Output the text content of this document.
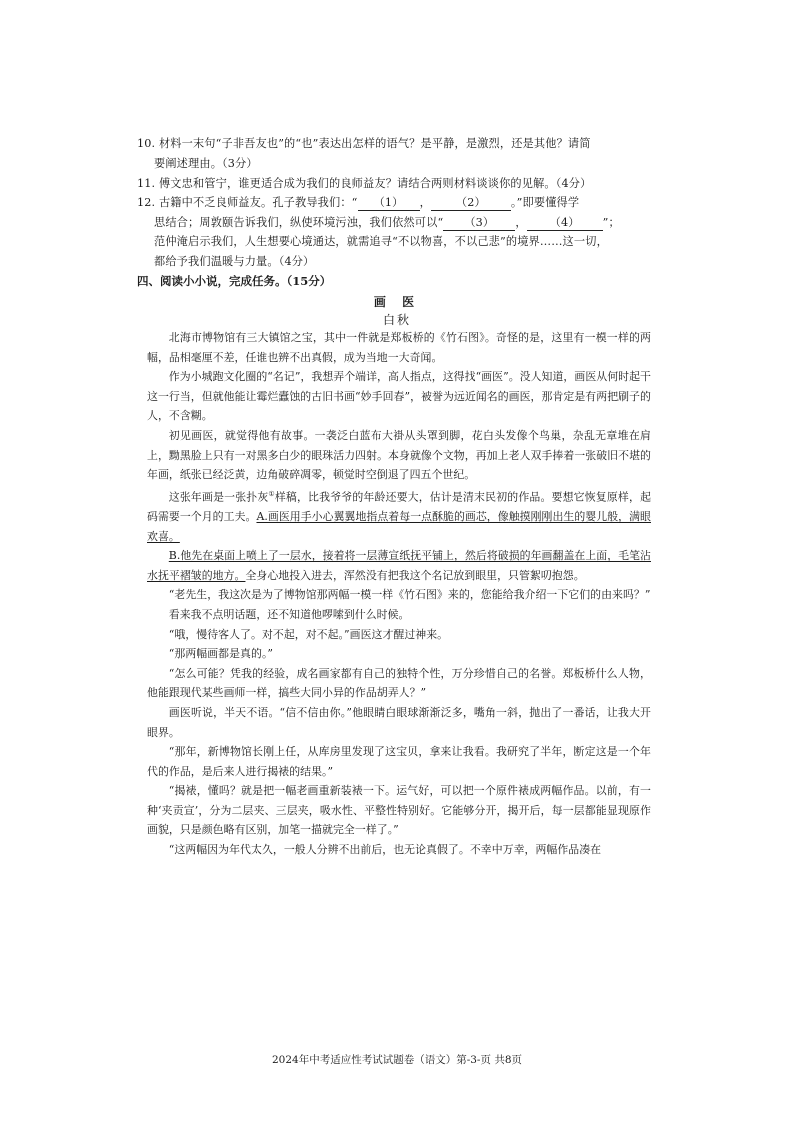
10. 材料一末句“子非吾友也”的“也”表达出怎样的语气？是平静，是激烈，还是其他？请简

要阐述理由。（3分）
11. 傅文忠和管宁，谁更适合成为我们的良师益友？请结合两则材料谈谈你的见解。（4分）
12. 古籍中不乏良师益友。孔子教导我们：“ （1） ， （2） 。”即要懂得学
思结合；周敦颐告诉我们，纵使环境污浊，我们依然可以“ （3） ， （4） ”；
范仲淹启示我们，人生想要心境通达，就需追寻“不以物喜，不以己悲”的境界……这一切，
都给予我们温暖与力量。（4分）
四、阅读小小说，完成任务。（15分）
画 医
白秋

北海市博物馆有三大镇馆之宝，其中一件就是郑板桥的《竹石图》。奇怪的是，这里有一模一样的两幅，品相毫厘不差，任谁也辨不出真假，成为当地一大奇闻。

作为小城跑文化圈的“名记”，我想弄个端详，高人指点，这得找“画医”。没人知道，画医从何时起干这一行当，但就他能让霉烂蠹蚀的古旧书画“妙手回春”，被誉为远近闻名的画医，那肯定是有两把刷子的人，不含糊。

初见画医，就觉得他有故事。一袭泛白蓝布大褂从头罩到脚，花白头发像个鸟巢，杂乱无章堆在肩上，黝黑脸上只有一对黑多白少的眼珠活力四射。本身就像个文物，再加上老人双手捧着一张破旧不堪的年画，纸张已经泛黄，边角破碎凋零，顿觉时空倒退了四五个世纪。

这张年画是一张扑灰①样稿，比我爷爷的年龄还要大，估计是清末民初的作品。要想它恢复原样，起码需要一个月的工夫。A.画医用手小心翼翼地指点着每一点酥脆的画芯，像触摸刚刚出生的婴儿般，满眼欢喜。

B.他先在桌面上喷上了一层水，接着将一层薄宣纸抚平铺上，然后将破损的年画翻盖在上面，毛笔沾水抚平褶皱的地方。全身心地投入进去，浑然没有把我这个名记放到眼里，只管絮叨抱怨。

“老先生，我这次是为了博物馆那两幅一模一样《竹石图》来的，您能给我介绍一下它们的由来吗？”

看来我不点明话题，还不知道他啰嗦到什么时候。

“哦，慢待客人了。对不起，对不起。”画医这才醒过神来。

“那两幅画都是真的。”

“怎么可能？凭我的经验，成名画家都有自己的独特个性，万分珍惜自己的名誉。郑板桥什么人物，他能跟现代某些画师一样，搞些大同小异的作品胡弄人？”

画医听说，半天不语。“信不信由你。”他眼睛白眼球渐渐泛多，嘴角一斜，抛出了一番话，让我大开眼界。

“那年，新博物馆长刚上任，从库房里发现了这宝贝，拿来让我看。我研究了半年，断定这是一个年代的作品，是后来人进行揭裱的结果。”

“揭裱，懂吗？就是把一幅老画重新装裱一下。运气好，可以把一个原件裱成两幅作品。以前，有一种‘夹贡宣’，分为二层夹、三层夹，吸水性、平整性特别好。它能够分开，揭开后，每一层都能显现原作画貌，只是颜色略有区别，加笔一描就完全一样了。”

“这两幅因为年代太久，一般人分辨不出前后，也无论真假了。不幸中万幸，两幅作品凑在

2024年中考适应性考试试题卷（语文）第-3-页 共8页
